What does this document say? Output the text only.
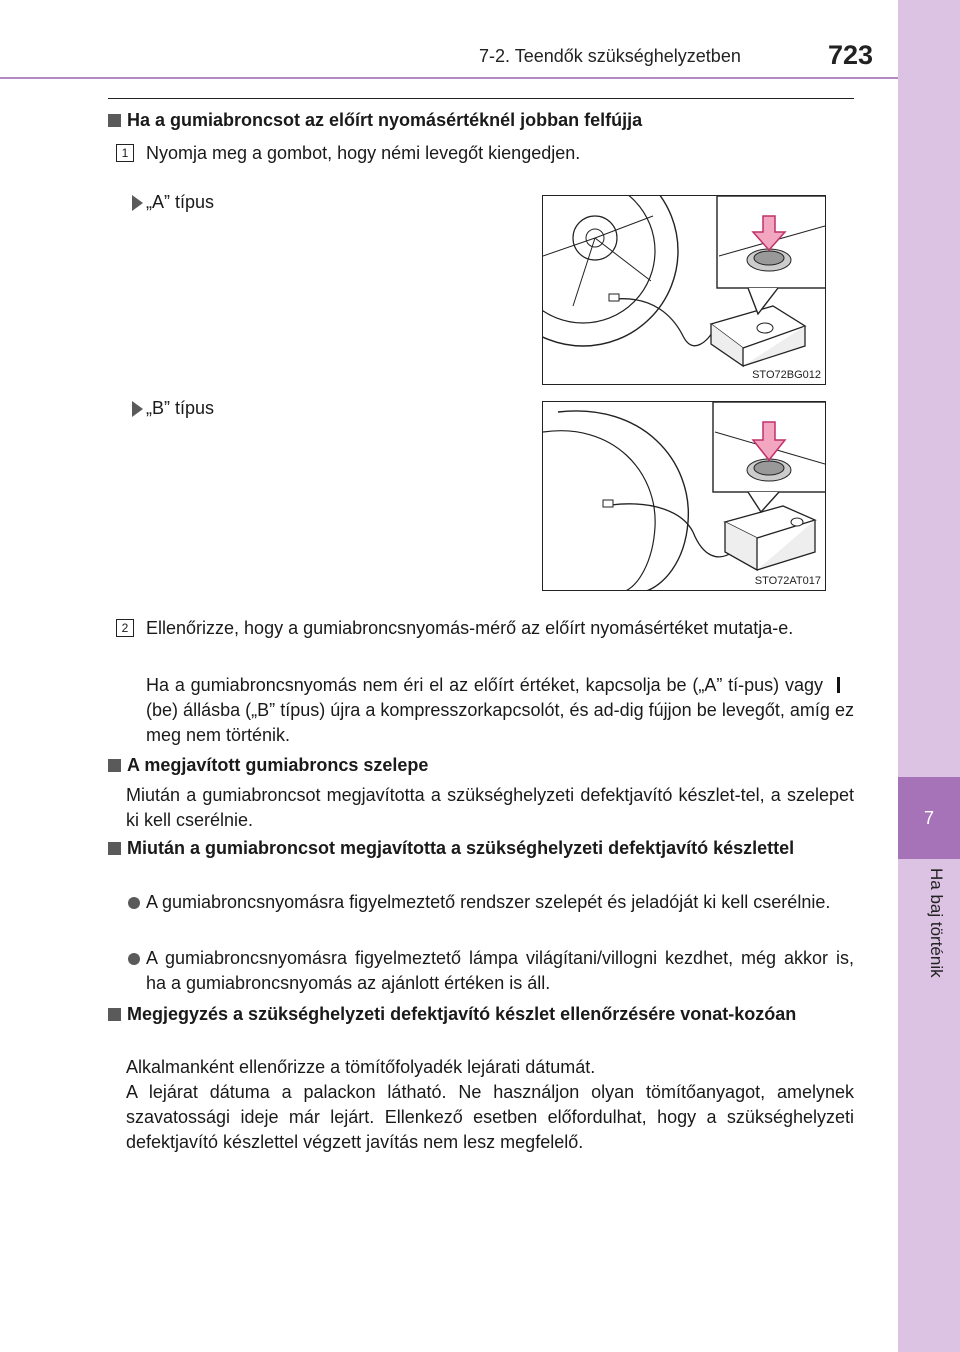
7-2. Teendők szükséghelyzetben	723
7
Ha baj történik
Ha a gumiabroncsot az előírt nyomásértéknél jobban felfújja
1 Nyomja meg a gombot, hogy némi levegőt kiengedjen.
„A” típus
STO72BG012
„B” típus
STO72AT017
2 Ellenőrizze, hogy a gumiabroncsnyomás-mérő az előírt nyomásértéket mutatja-e.
Ha a gumiabroncsnyomás nem éri el az előírt értéket, kapcsolja be („A” tí-pus) vagy(be) állásba („B” típus) újra a kompresszorkapcsolót, és ad-dig fújjon be levegőt, amíg ez meg nem történik.
A megjavított gumiabroncs szelepe
Miután a gumiabroncsot megjavította a szükséghelyzeti defektjavító készlet-tel, a szelepet ki kell cserélnie.
Miután a gumiabroncsot megjavította a szükséghelyzeti defektjavító készlettel
A gumiabroncsnyomásra figyelmeztető rendszer szelepét és jeladóját ki kell cserélnie.
A gumiabroncsnyomásra figyelmeztető lámpa világítani/villogni kezdhet, még akkor is, ha a gumiabroncsnyomás az ajánlott értéken is áll.
Megjegyzés a szükséghelyzeti defektjavító készlet ellenőrzésére vonat-kozóan
Alkalmanként ellenőrizze a tömítőfolyadék lejárati dátumát.
A lejárat dátuma a palackon látható. Ne használjon olyan tömítőanyagot, amelynek szavatossági ideje már lejárt. Ellenkező esetben előfordulhat, hogy a szükséghelyzeti defektjavító készlettel végzett javítás nem lesz megfelelő.
